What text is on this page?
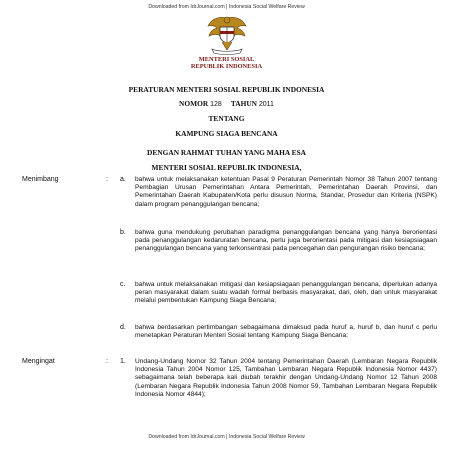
Downloaded from IdrJournal.com | Indonesia Social Welfare Review
MENTERI SOSIAL
REPUBLIK INDONESIA
PERATURAN MENTERI SOSIAL REPUBLIK INDONESIA
NOMOR 128 TAHUN 2011
TENTANG
KAMPUNG SIAGA BENCANA
DENGAN RAHMAT TUHAN YANG MAHA ESA
MENTERI SOSIAL REPUBLIK INDONESIA,
Menimbang	: a. bahwa untuk melaksanakan ketentuan Pasal 9 Peraturan Pemerintah Nomor 38 Tahun 2007 tentang Pembagian Urusan Pemerintahan Antara Pemerintah, Pemerintahan Daerah Provinsi, dan Pemerintahan Daerah Kabupaten/Kota perlu disusun Norma, Standar, Prosedur dan Kriteria (NSPK) dalam program penanggulangan bencana;

b. bahwa guna mendukung perubahan paradigma penanggulangan bencana yang hanya berorientasi pada penanggulangan kedaruratan bencana, perlu juga berorientasi pada mitigasi dan kesiapsiagaan penanggulangan bencana yang terkonsentrasi pada pencegahan dan pengurangan risiko bencana;

c. bahwa untuk melaksanakan mitigasi dan kesiapsiagaan penanggulangan bencana, diperlukan adanya peran masyarakat dalam suatu wadah formal berbasis masyarakat, dari, oleh, dan untuk masyarakat melalui pembentukan Kampung Siaga Bencana;

d. bahwa berdasarkan pertimbangan sebagaimana dimaksud pada huruf a, huruf b, dan huruf c perlu menetapkan Peraturan Menteri Sosial tentang Kampung Siaga Bencana;

Mengingat	: 1. Undang-Undang Nomor 32 Tahun 2004 tentang Pemerintahan Daerah (Lembaran Negara Republik Indonesia Tahun 2004 Nomor 125, Tambahan Lembaran Negara Republik Indonesia Nomor 4437) sebagaimana telah beberapa kali diubah terakhir dengan Undang-Undang Nomor 12 Tahun 2008 (Lembaran Negara Republik Indonesia Tahun 2008 Nomor 59, Tambahan Lembaran Negara Republik Indonesia Nomor 4844);

Downloaded from IdrJournal.com | Indonesia Social Welfare Review
